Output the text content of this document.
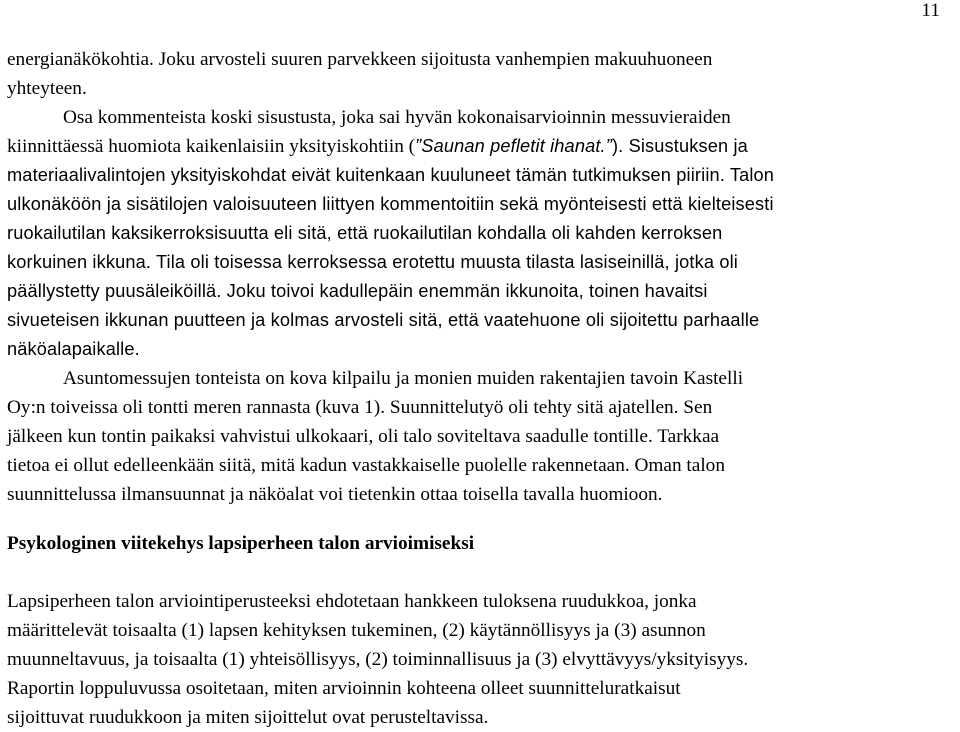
11
energianäkökohtia. Joku arvosteli suuren parvekkeen sijoitusta vanhempien makuuhuoneen
yhteyteen.
Osa kommenteista koski sisustusta, joka sai hyvän kokonaisarvioinnin messuvieraiden
kiinnittäessä huomiota kaikenlaisiin yksityiskohtiin (”Saunan pefletit ihanat.”). Sisustuksen ja
materiaalivalintojen yksityiskohdat eivät kuitenkaan kuuluneet tämän tutkimuksen piiriin. Talon
ulkonäköön ja sisätilojen valoisuuteen liittyen kommentoitiin sekä myönteisesti että kielteisesti
ruokailutilan kaksikerroksisuutta eli sitä, että ruokailutilan kohdalla oli kahden kerroksen
korkuinen ikkuna. Tila oli toisessa kerroksessa erotettu muusta tilasta lasiseinillä, jotka oli
päällystetty puusäleiköillä. Joku toivoi kadullepäin enemmän ikkunoita, toinen havaitsi
sivueteisen ikkunan puutteen ja kolmas arvosteli sitä, että vaatehuone oli sijoitettu parhaalle
näköalapaikalle.
Asuntomessujen tonteista on kova kilpailu ja monien muiden rakentajien tavoin Kastelli
Oy:n toiveissa oli tontti meren rannasta (kuva 1). Suunnittelutyö oli tehty sitä ajatellen. Sen
jälkeen kun tontin paikaksi vahvistui ulkokaari, oli talo soviteltava saadulle tontille. Tarkkaa
tietoa ei ollut edelleenkään siitä, mitä kadun vastakkaiselle puolelle rakennetaan. Oman talon
suunnittelussa ilmansuunnat ja näköalat voi tietenkin ottaa toisella tavalla huomioon.
Psykologinen viitekehys lapsiperheen talon arvioimiseksi
Lapsiperheen talon arviointiperusteeksi ehdotetaan hankkeen tuloksena ruudukkoa, jonka
määrittelevät toisaalta (1) lapsen kehityksen tukeminen, (2) käytännöllisyys ja (3) asunnon
muunneltavuus, ja toisaalta (1) yhteisöllisyys, (2) toiminnallisuus ja (3) elvyttävyys/yksityisyys.
Raportin loppuluvussa osoitetaan, miten arvioinnin kohteena olleet suunnitteluratkaisut
sijoittuvat ruudukkoon ja miten sijoittelut ovat perusteltavissa.
